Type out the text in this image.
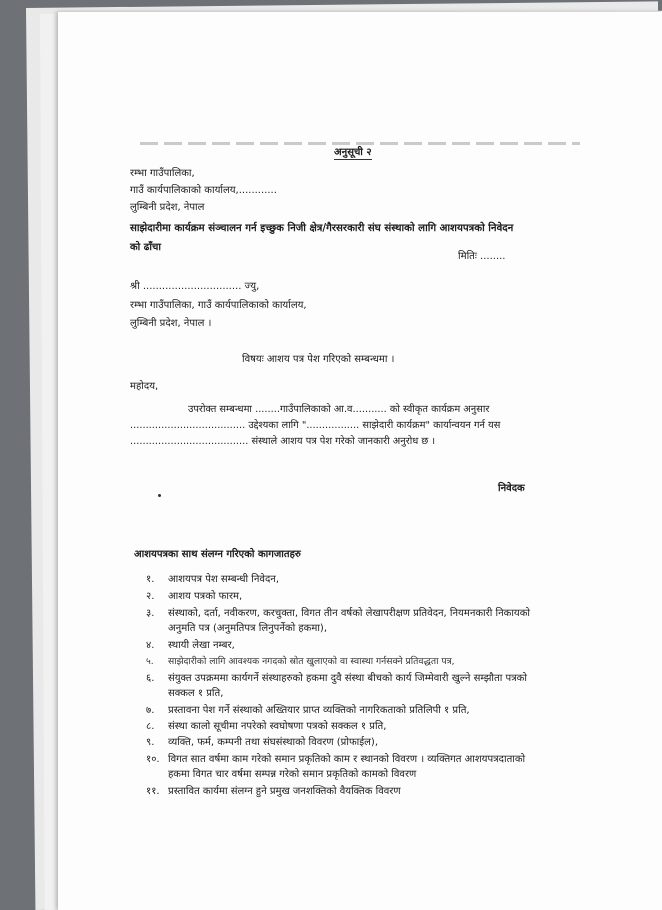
अनुसूची २
रम्भा गाउँपालिका,
गाउँ कार्यपालिकाको कार्यालय,............
लुम्बिनी प्रदेश, नेपाल
साझेदारीमा कार्यक्रम संञ्चालन गर्न इच्छुक निजी क्षेत्र/गैरसरकारी संघ संस्थाको लागि आशयपत्रको निवेदन
को ढाँचा
मितिः ........
श्री ............................... ज्यु,
रम्भा गाउँपालिका, गाउँ कार्यपालिकाको कार्यालय,
लुम्बिनी प्रदेश, नेपाल ।
विषयः आशय पत्र पेश गरिएको सम्बन्धमा ।
महोदय,
उपरोक्त सम्बन्धमा ........गाउँपालिकाको आ.व........... को स्वीकृत कार्यक्रम अनुसार
..................................... उद्देश्यका लागि "................. साझेदारी कार्यक्रम" कार्यान्वयन गर्न यस
...................................... संस्थाले आशय पत्र पेश गरेको जानकारी अनुरोध छ ।
निवेदक
आशयपत्रका साथ संलग्न गरिएको कागजातहरु
१. आशयपत्र पेश सम्बन्धी निवेदन,
२. आशय पत्रको फारम,
३. संस्थाको, दर्ता, नवीकरण, करचुक्ता, विगत तीन वर्षको लेखापरीक्षण प्रतिवेदन, नियमनकारी निकायको
अनुमति पत्र (अनुमतिपत्र लिनुपर्नेको हकमा),
४. स्थायी लेखा नम्बर,
५. साझेदारीको लागि आवश्यक नगदको स्रोत खुलाएको वा स्वास्था गर्नसक्ने प्रतिवद्धता पत्र,
६. संयुक्त उपक्रममा कार्यगर्ने संस्थाहरुको हकमा दुवै संस्था बीचको कार्य जिम्मेवारी खुल्ने सम्झौता पत्रको
सक्कल १ प्रति,
७. प्रस्तावना पेश गर्ने संस्थाको अख्तियार प्राप्त व्यक्तिको नागरिकताको प्रतिलिपी १ प्रति,
८. संस्था कालो सूचीमा नपरेको स्वघोषणा पत्रको सक्कल १ प्रति,
९. व्यक्ति, फर्म, कम्पनी तथा संघसंस्थाको विवरण (प्रोफाईल),
१०. विगत सात वर्षमा काम गरेको समान प्रकृतिको काम र स्थानको विवरण । व्यक्तिगत आशयपत्रदाताको
हकमा विगत चार वर्षमा सम्पन्न गरेको समान प्रकृतिको कामको विवरण
११. प्रस्तावित कार्यमा संलग्न हुने प्रमुख जनशक्तिको वैयक्तिक विवरण
